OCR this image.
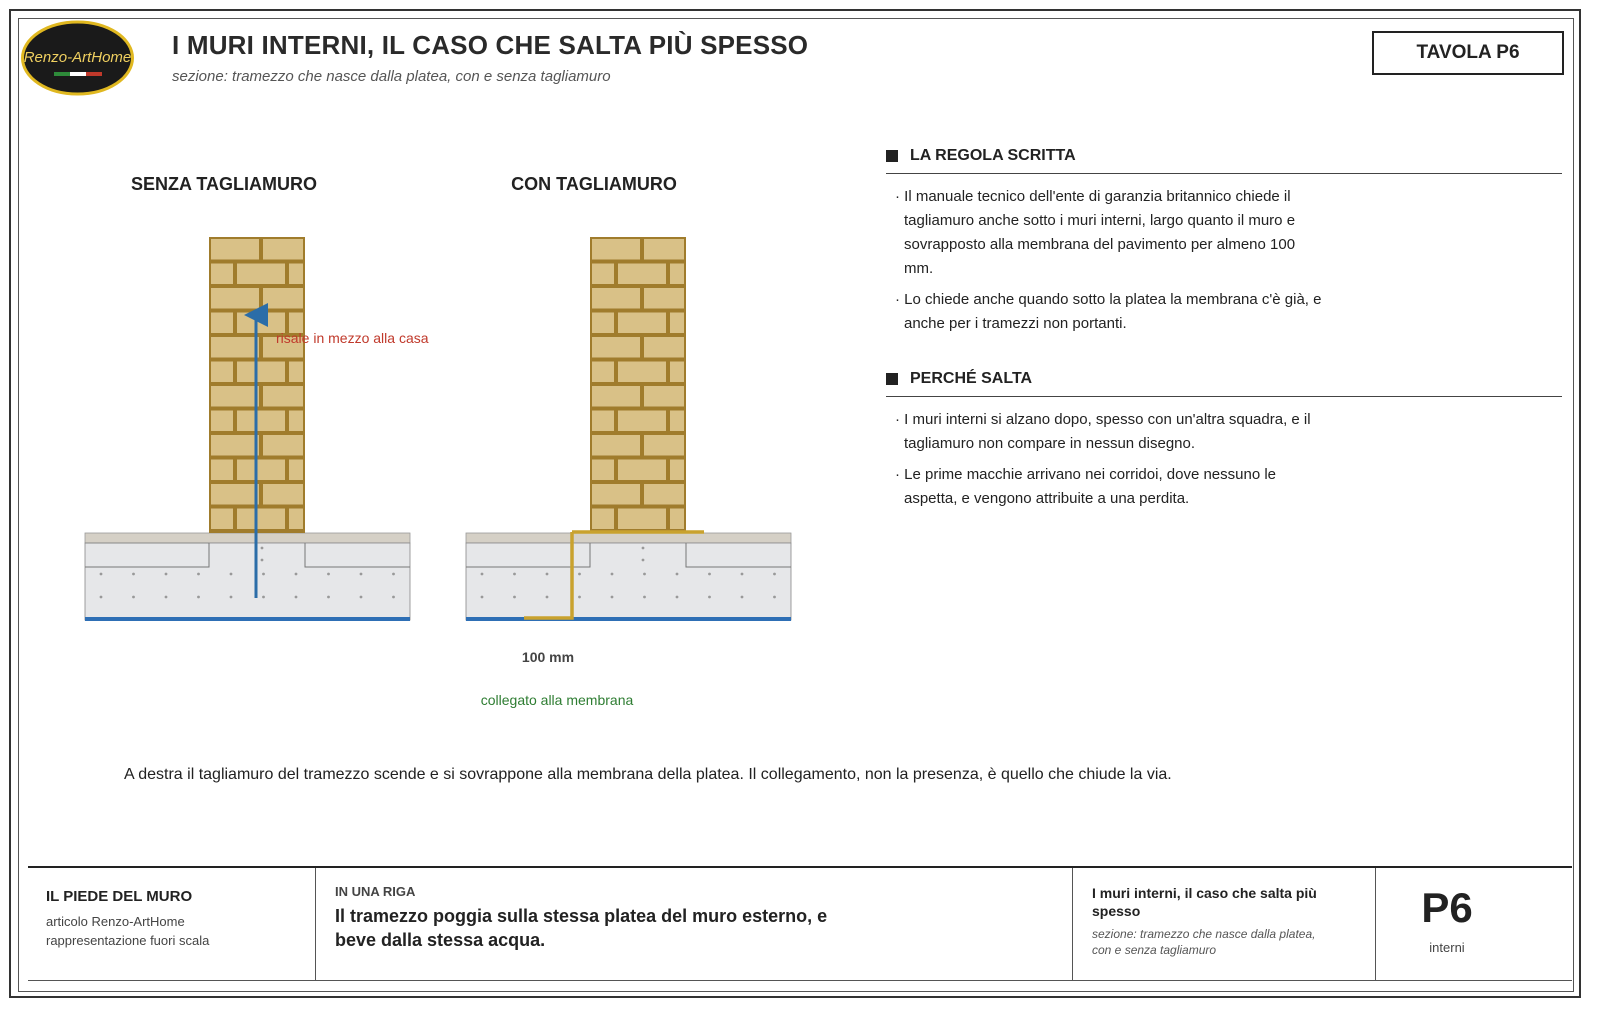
Renzo-ArtHome I MURI INTERNI, IL CASO CHE SALTA PIÙ SPESSO
sezione: tramezzo che nasce dalla platea, con e senza tagliamuro
TAVOLA P6
SENZA TAGLIAMURO	CON TAGLIAMURO
risale in mezzo alla casa
100 mm
collegato alla membrana
LA REGOLA SCRITTA
· Il manuale tecnico dell'ente di garanzia britannico chiede il tagliamuro anche sotto i muri interni, largo quanto il muro e sovrapposto alla membrana del pavimento per almeno 100 mm.
· Lo chiede anche quando sotto la platea la membrana c'è già, e anche per i tramezzi non portanti.
PERCHÉ SALTA
· I muri interni si alzano dopo, spesso con un'altra squadra, e il tagliamuro non compare in nessun disegno.
· Le prime macchie arrivano nei corridoi, dove nessuno le aspetta, e vengono attribuite a una perdita.
A destra il tagliamuro del tramezzo scende e si sovrappone alla membrana della platea. Il collegamento, non la presenza, è quello che chiude la via.
IL PIEDE DEL MURO
articolo Renzo-ArtHome
rappresentazione fuori scala
IN UNA RIGA
Il tramezzo poggia sulla stessa platea del muro esterno, e beve dalla stessa acqua.
I muri interni, il caso che salta più spesso
sezione: tramezzo che nasce dalla platea, con e senza tagliamuro
P6
interni
